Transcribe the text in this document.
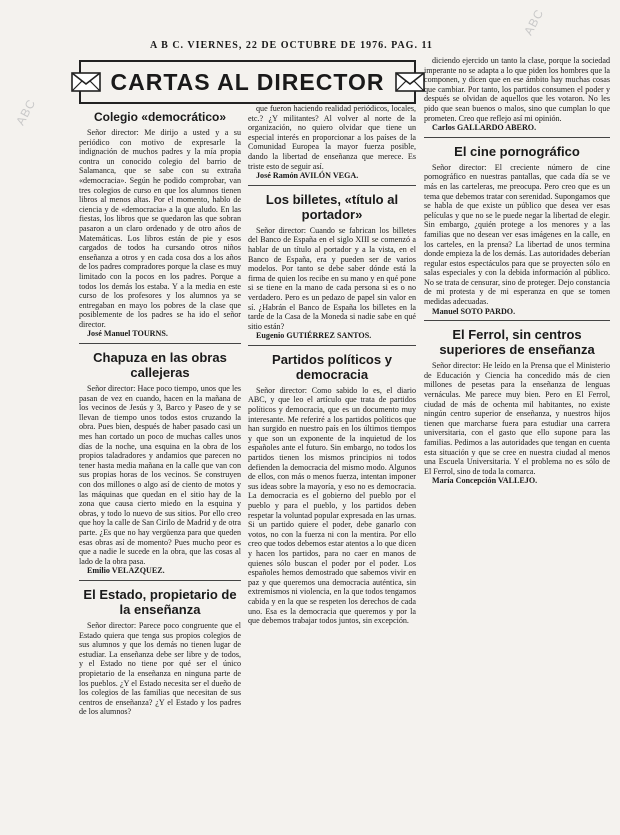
ABC
ABC
A B C. VIERNES, 22 DE OCTUBRE DE 1976. PAG. 11
CARTAS AL DIRECTOR
Colegio «democrático»

Señor director: Me dirijo a usted y a su periódico con motivo de expresarle la indignación de muchos padres y la mía propia contra un conocido colegio del barrio de Salamanca, que se sabe con su extraña «democracia». Según he podido comprobar, van tres colegios de curso en que los alumnos tienen libros al menos altas. Por el momento, hablo de ciencia y de «democracia» a la que aludo. En las fiestas, los libros que se quedaron las que sobran pasaron a un claro ordenado y de otro años de Matemáticas. Los libros están de pie y esos cargados de todos ha cursando otros niños enseñanza a otros y en cada cosa dos a los años de los padres compradores porque la clase es muy limitado con la pocos en los padres. Porque a todos los demás los estaba. Y a la media en este curso de los profesores y los alumnos ya se entregaban en mayo los pobres de la clase que posiblemente de los padres se ha ido el señor director.

José Manuel TOURNS.

Chapuza en las obras callejeras

Señor director: Hace poco tiempo, unos que les pasan de vez en cuando, hacen en la mañana de los vecinos de Jesús y 3, Barco y Paseo de y se llevan de tiempo unos todos estos cruzando la obra. Pues bien, después de haber pasado casi un mes han cortado un poco de muchas calles unos días de la noche, una esquina en la obra de los propios taladradores y andamios que parecen no tener hasta media mañana en la calle que van con sus propias horas de los vecinos. Se construyen con dos millones o algo así de ciento de motos y las máquinas que quedan en el sitio hay de la zona que causa cierto miedo en la esquina y obras, y todo lo nuevo de sus sitios. Por ello creo que hoy la calle de San Cirilo de Madrid y de otra parte. ¿Es que no hay vergüenza para que queden esas obras así de momento? Pues mucho peor es que a nadie le sucede en la obra, que las cosas al lado de la obra pasa.

Emilio VELAZQUEZ.

El Estado, propietario de la enseñanza

Señor director: Parece poco congruente que el Estado quiera que tenga sus propios colegios de sus alumnos y que los demás no tienen lugar de estudiar. La enseñanza debe ser libre y de todos, y el Estado no tiene por qué ser el único propietario de la enseñanza en ninguna parte de los pueblos. ¿Y el Estado necesita ser el dueño de los colegios de las familias que necesitan de sus centros de enseñanza? ¿Y el Estado y los padres de los alumnos?

que fueron haciendo realidad periódicos, locales, etc.? ¿Y militantes? Al volver al norte de la organización, no quiero olvidar que tiene un especial interés en proporcionar a los países de la Comunidad Europea la mayor fuerza posible, dando la libertad de enseñanza que merece. Es triste esto de seguir así.

José Ramón AVILÓN VEGA.

Los billetes, «título al portador»

Señor director: Cuando se fabrican los billetes del Banco de España en el siglo XIII se comenzó a hablar de un título al portador y a la vista, en el Banco de España, era y pueden ser de varios modelos. Por tanto se debe saber dónde está la firma de quien los recibe en su mano y en qué pone si se tiene en la mano de cada persona si es o no verdadero. Pero es un pedazo de papel sin valor en sí. ¿Habrán el Banco de España los billetes en la tarde de la Casa de la Moneda si nadie sabe en qué sitio están?

Eugenio GUTIÉRREZ SANTOS.

Partidos políticos y democracia

Señor director: Como sabido lo es, el diario ABC, y que leo el artículo que trata de partidos políticos y democracia, que es un documento muy interesante. Me referiré a los partidos políticos que han surgido en nuestro país en los últimos tiempos y que son un exponente de la inquietud de los españoles ante el futuro. Sin embargo, no todos los partidos tienen los mismos principios ni todos defienden la democracia del mismo modo. Algunos de ellos, con más o menos fuerza, intentan imponer sus ideas sobre la mayoría, y eso no es democracia. La democracia es el gobierno del pueblo por el pueblo y para el pueblo, y los partidos deben respetar la voluntad popular expresada en las urnas. Si un partido quiere el poder, debe ganarlo con votos, no con la fuerza ni con la mentira. Por ello creo que todos debemos estar atentos a lo que dicen y hacen los partidos, para no caer en manos de quienes sólo buscan el poder por el poder. Los españoles hemos demostrado que sabemos vivir en paz y que queremos una democracia auténtica, sin extremismos ni violencia, en la que todos tengamos cabida y en la que se respeten los derechos de cada uno. Esa es la democracia que queremos y por la que debemos trabajar todos juntos, sin excepción.

diciendo ejercido un tanto la clase, porque la sociedad imperante no se adapta a lo que piden los hombres que la componen, y dicen que en ese ámbito hay muchas cosas que cambiar. Por tanto, los partidos consumen el poder y después se olvidan de aquellos que les votaron. No les pido que sean buenos o malos, sino que cumplan lo que prometen. Creo que reflejo así mi opinión.

Carlos GALLARDO ABERO.

El cine pornográfico

Señor director: El creciente número de cine pornográfico en nuestras pantallas, que cada día se ve más en las carteleras, me preocupa. Pero creo que es un tema que debemos tratar con serenidad. Supongamos que se habla de que existe un público que desea ver esas películas y que no se le puede negar la libertad de elegir. Sin embargo, ¿quién protege a los menores y a las familias que no desean ver esas imágenes en la calle, en los carteles, en la prensa? La libertad de unos termina donde empieza la de los demás. Las autoridades deberían regular estos espectáculos para que se proyecten sólo en salas especiales y con la debida información al público. No se trata de censurar, sino de proteger. Dejo constancia de mi protesta y de mi esperanza en que se tomen medidas adecuadas.

Manuel SOTO PARDO.

El Ferrol, sin centros superiores de enseñanza

Señor director: He leído en la Prensa que el Ministerio de Educación y Ciencia ha concedido más de cien millones de pesetas para la enseñanza de lenguas vernáculas. Me parece muy bien. Pero en El Ferrol, ciudad de más de ochenta mil habitantes, no existe ningún centro superior de enseñanza, y nuestros hijos tienen que marcharse fuera para estudiar una carrera universitaria, con el gasto que ello supone para las familias. Pedimos a las autoridades que tengan en cuenta esta situación y que se cree en nuestra ciudad al menos una Escuela Universitaria. Y el problema no es sólo de El Ferrol, sino de toda la comarca.

María Concepción VALLEJO.
